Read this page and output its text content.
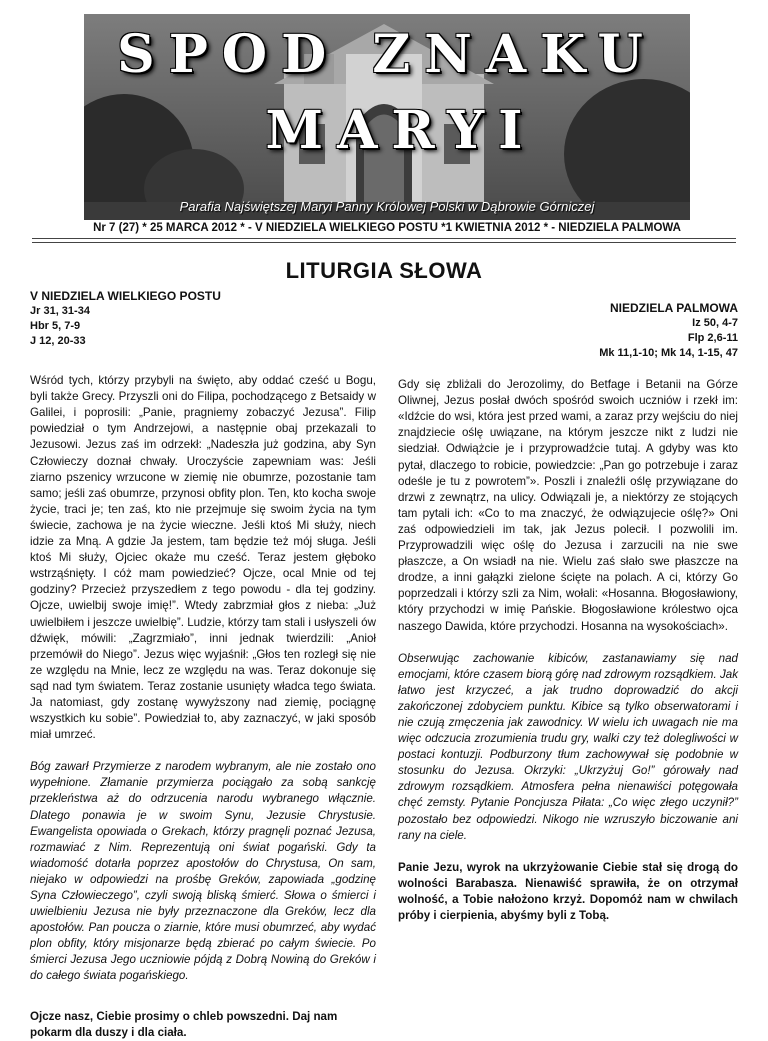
SPOD ZNAKU
MARYI
Parafia Najświętszej Maryi Panny Królowej Polski w Dąbrowie Górniczej
Nr 7 (27) * 25 MARCA 2012 * - V NIEDZIELA WIELKIEGO POSTU *1 KWIETNIA 2012 * - NIEDZIELA PALMOWA
LITURGIA SŁOWA

V NIEDZIELA WIELKIEGO POSTU

Jr 31, 31-34

Hbr 5, 7-9

J 12, 20-33

Wśród tych, którzy przybyli na święto, aby oddać cześć u Bogu, byli także Grecy. Przyszli oni do Filipa, pochodzącego z Betsaidy w Galilei, i poprosili: „Panie, pragniemy zobaczyć Jezusa”. Filip powiedział o tym Andrzejowi, a następnie obaj przekazali to Jezusowi. Jezus zaś im odrzekł: „Nadeszła już godzina, aby Syn Człowieczy doznał chwały. Uroczyście zapewniam was: Jeśli ziarno pszenicy wrzucone w ziemię nie obumrze, pozostanie tam samo; jeśli zaś obumrze, przynosi obfity plon. Ten, kto kocha swoje życie, traci je; ten zaś, kto nie przejmuje się swoim życia na tym świecie, zachowa je na życie wieczne. Jeśli ktoś Mi służy, niech idzie za Mną. A gdzie Ja jestem, tam będzie też mój sługa. Jeśli ktoś Mi służy, Ojciec okaże mu cześć. Teraz jestem głęboko wstrząśnięty. I cóż mam powiedzieć? Ojcze, ocal Mnie od tej godziny? Przecież przyszedłem z tego powodu - dla tej godziny. Ojcze, uwielbij swoje imię!”. Wtedy zabrzmiał głos z nieba: „Już uwielbiłem i jeszcze uwielbię”. Ludzie, którzy tam stali i usłyszeli ów dźwięk, mówili: „Zagrzmiało”, inni jednak twierdzili: „Anioł przemówił do Niego”. Jezus więc wyjaśnił: „Głos ten rozległ się nie ze względu na Mnie, lecz ze względu na was. Teraz dokonuje się sąd nad tym światem. Teraz zostanie usunięty władca tego świata. Ja natomiast, gdy zostanę wywyższony nad ziemię, pociągnę wszystkich ku sobie”. Powiedział to, aby zaznaczyć, w jaki sposób miał umrzeć.

Bóg zawarł Przymierze z narodem wybranym, ale nie zostało ono wypełnione. Złamanie przymierza pociągało za sobą sankcję przekleństwa aż do odrzucenia narodu wybranego włącznie. Dlatego ponawia je w swoim Synu, Jezusie Chrystusie. Ewangelista opowiada o Grekach, którzy pragnęli poznać Jezusa, rozmawiać z Nim. Reprezentują oni świat pogański. Gdy ta wiadomość dotarła poprzez apostołów do Chrystusa, On sam, niejako w odpowiedzi na prośbę Greków, zapowiada „godzinę Syna Człowieczego”, czyli swoją bliską śmierć. Słowa o śmierci i uwielbieniu Jezusa nie były przeznaczone dla Greków, lecz dla apostołów. Pan poucza o ziarnie, które musi obumrzeć, aby wydać plon obfity, który misjonarze będą zbierać po całym świecie. Po śmierci Jezusa Jego uczniowie pójdą z Dobrą Nowiną do Greków i do całego świata pogańskiego.

Ojcze nasz, Ciebie prosimy o chleb powszedni. Daj nam pokarm dla duszy i dla ciała.

NIEDZIELA PALMOWA

Iz 50, 4-7

Flp 2,6-11

Mk 11,1-10; Mk 14, 1-15, 47

Gdy się zbliżali do Jerozolimy, do Betfage i Betanii na Górze Oliwnej, Jezus posłał dwóch spośród swoich uczniów i rzekł im: «Idźcie do wsi, która jest przed wami, a zaraz przy wejściu do niej znajdziecie oślę uwiązane, na którym jeszcze nikt z ludzi nie siedział. Odwiążcie je i przyprowadźcie tutaj. A gdyby was kto pytał, dlaczego to robicie, powiedzcie: „Pan go potrzebuje i zaraz odeśle je tu z powrotem”». Poszli i znaleźli oślę przywiązane do drzwi z zewnątrz, na ulicy. Odwiązali je, a niektórzy ze stojących tam pytali ich: «Co to ma znaczyć, że odwiązujecie oślę?» Oni zaś odpowiedzieli im tak, jak Jezus polecił. I pozwolili im. Przyprowadzili więc oślę do Jezusa i zarzucili na nie swe płaszcze, a On wsiadł na nie. Wielu zaś słało swe płaszcze na drodze, a inni gałązki zielone ścięte na polach. A ci, którzy Go poprzedzali i którzy szli za Nim, wołali: «Hosanna. Błogosławiony, który przychodzi w imię Pańskie. Błogosławione królestwo ojca naszego Dawida, które przychodzi. Hosanna na wysokościach».

Obserwując zachowanie kibiców, zastanawiamy się nad emocjami, które czasem biorą górę nad zdrowym rozsądkiem. Jak łatwo jest krzyczeć, a jak trudno doprowadzić do akcji zakończonej zdobyciem punktu. Kibice są tylko obserwatorami i nie czują zmęczenia jak zawodnicy. W wielu ich uwagach nie ma więc odczucia zrozumienia trudu gry, walki czy też dolegliwości w postaci kontuzji. Podburzony tłum zachowywał się podobnie w stosunku do Jezusa. Okrzyki: „Ukrzyżuj Go!” górowały nad zdrowym rozsądkiem. Atmosfera pełna nienawiści potęgowała chęć zemsty. Pytanie Poncjusza Piłata: „Co więc złego uczynił?” pozostało bez odpowiedzi. Nikogo nie wzruszyło biczowanie ani rany na ciele.

Panie Jezu, wyrok na ukrzyżowanie Ciebie stał się drogą do wolności Barabasza. Nienawiść sprawiła, że on otrzymał wolność, a Tobie nałożono krzyż. Dopomóż nam w chwilach próby i cierpienia, abyśmy byli z Tobą.
